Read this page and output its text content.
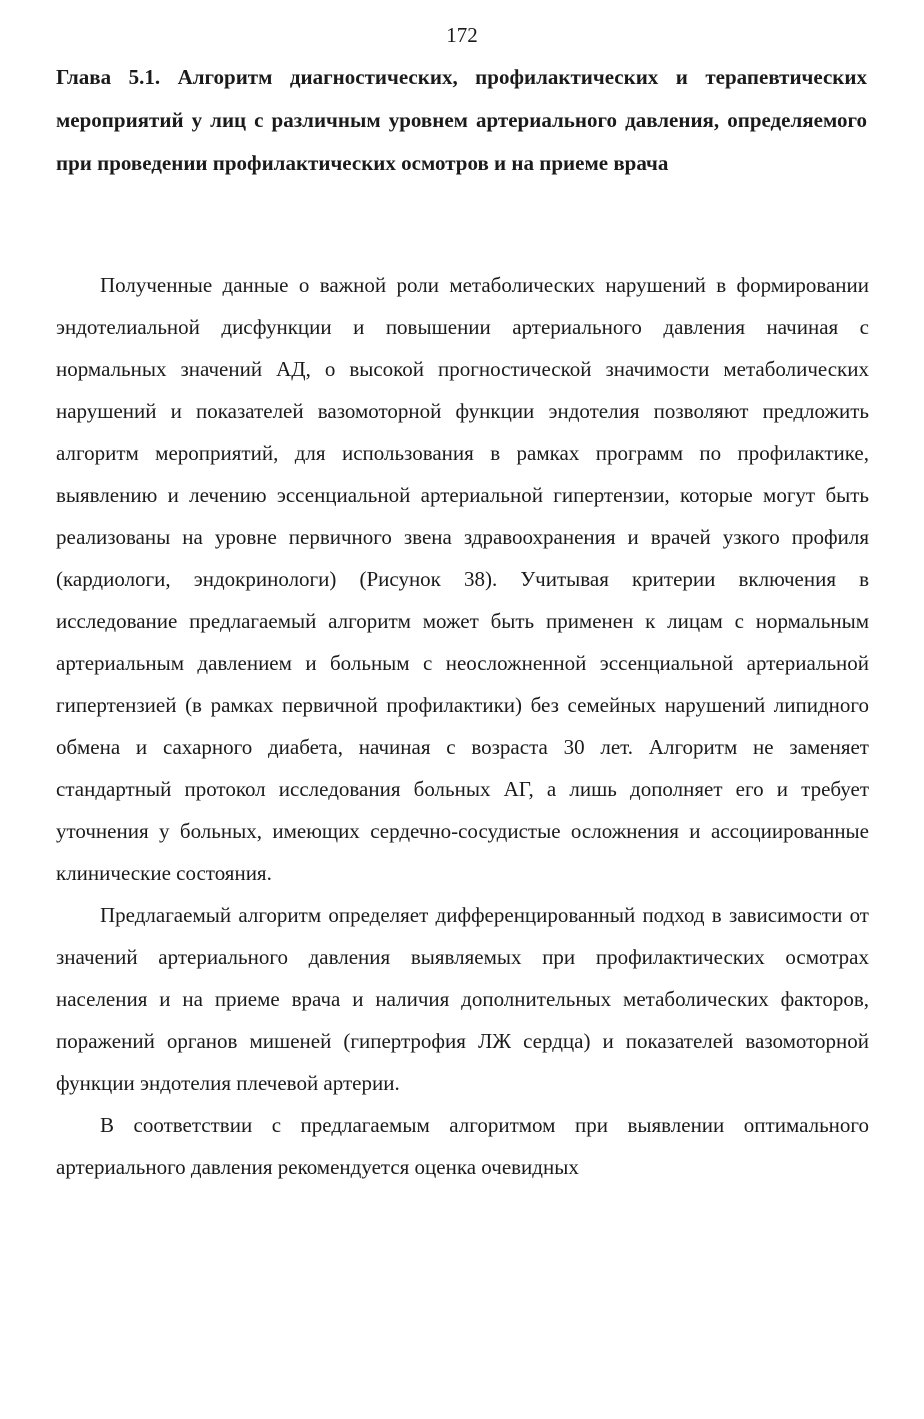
172
Глава 5.1. Алгоритм диагностических, профилактических и терапевтических мероприятий у лиц с различным уровнем артериального давления, определяемого при проведении профилактических осмотров и на приеме врача

Полученные данные о важной роли метаболических нарушений в формировании эндотелиальной дисфункции и повышении артериального давления начиная с нормальных значений АД, о высокой прогностической значимости метаболических нарушений и показателей вазомоторной функции эндотелия позволяют предложить алгоритм мероприятий, для использования в рамках программ по профилактике, выявлению и лечению эссенциальной артериальной гипертензии, которые могут быть реализованы на уровне первичного звена здравоохранения и врачей узкого профиля (кардиологи, эндокринологи) (Рисунок 38). Учитывая критерии включения в исследование предлагаемый алгоритм может быть применен к лицам с нормальным артериальным давлением и больным с неосложненной эссенциальной артериальной гипертензией (в рамках первичной профилактики) без семейных нарушений липидного обмена и сахарного диабета, начиная с возраста 30 лет. Алгоритм не заменяет стандартный протокол исследования больных АГ, а лишь дополняет его и требует уточнения у больных, имеющих сердечно-сосудистые осложнения и ассоциированные клинические состояния.

Предлагаемый алгоритм определяет дифференцированный подход в зависимости от значений артериального давления выявляемых при профилактических осмотрах населения и на приеме врача и наличия дополнительных метаболических факторов, поражений органов мишеней (гипертрофия ЛЖ сердца) и показателей вазомоторной функции эндотелия плечевой артерии.

В соответствии с предлагаемым алгоритмом при выявлении оптимального артериального давления рекомендуется оценка очевидных
